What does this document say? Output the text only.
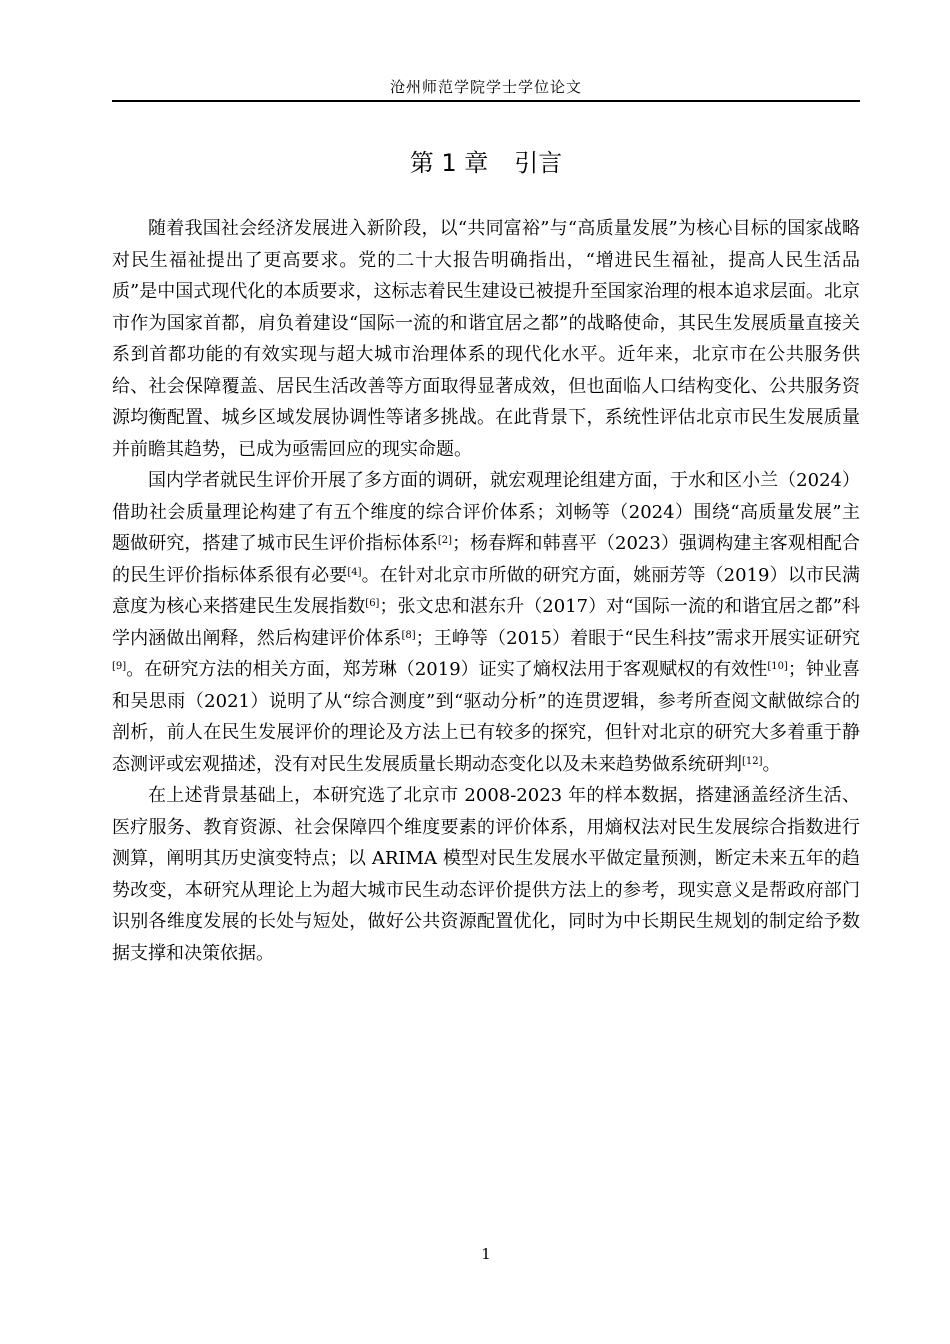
沧州师范学院学士学位论文
第 1 章 引言

随着我国社会经济发展进入新阶段，以“共同富裕”与“高质量发展”为核心目标的国家战略对民生福祉提出了更高要求。党的二十大报告明确指出，“增进民生福祉，提高人民生活品质”是中国式现代化的本质要求，这标志着民生建设已被提升至国家治理的根本追求层面。北京市作为国家首都，肩负着建设“国际一流的和谐宜居之都”的战略使命，其民生发展质量直接关系到首都功能的有效实现与超大城市治理体系的现代化水平。近年来，北京市在公共服务供给、社会保障覆盖、居民生活改善等方面取得显著成效，但也面临人口结构变化、公共服务资源均衡配置、城乡区域发展协调性等诸多挑战。在此背景下，系统性评估北京市民生发展质量并前瞻其趋势，已成为亟需回应的现实命题。

国内学者就民生评价开展了多方面的调研，就宏观理论组建方面，于水和区小兰（2024）借助社会质量理论构建了有五个维度的综合评价体系；刘畅等（2024）围绕“高质量发展”主题做研究，搭建了城市民生评价指标体系[2]；杨春辉和韩喜平（2023）强调构建主客观相配合的民生评价指标体系很有必要[4]。在针对北京市所做的研究方面，姚丽芳等（2019）以市民满意度为核心来搭建民生发展指数[6]；张文忠和湛东升（2017）对“国际一流的和谐宜居之都”科学内涵做出阐释，然后构建评价体系[8]；王峥等（2015）着眼于“民生科技”需求开展实证研究[9]。在研究方法的相关方面，郑芳琳（2019）证实了熵权法用于客观赋权的有效性[10]；钟业喜和吴思雨（2021）说明了从“综合测度”到“驱动分析”的连贯逻辑，参考所查阅文献做综合的剖析，前人在民生发展评价的理论及方法上已有较多的探究，但针对北京的研究大多着重于静态测评或宏观描述，没有对民生发展质量长期动态变化以及未来趋势做系统研判[12]。

在上述背景基础上，本研究选了北京市 2008-2023 年的样本数据，搭建涵盖经济生活、医疗服务、教育资源、社会保障四个维度要素的评价体系，用熵权法对民生发展综合指数进行测算，阐明其历史演变特点；以 ARIMA 模型对民生发展水平做定量预测，断定未来五年的趋势改变，本研究从理论上为超大城市民生动态评价提供方法上的参考，现实意义是帮政府部门识别各维度发展的长处与短处，做好公共资源配置优化，同时为中长期民生规划的制定给予数据支撑和决策依据。

1
